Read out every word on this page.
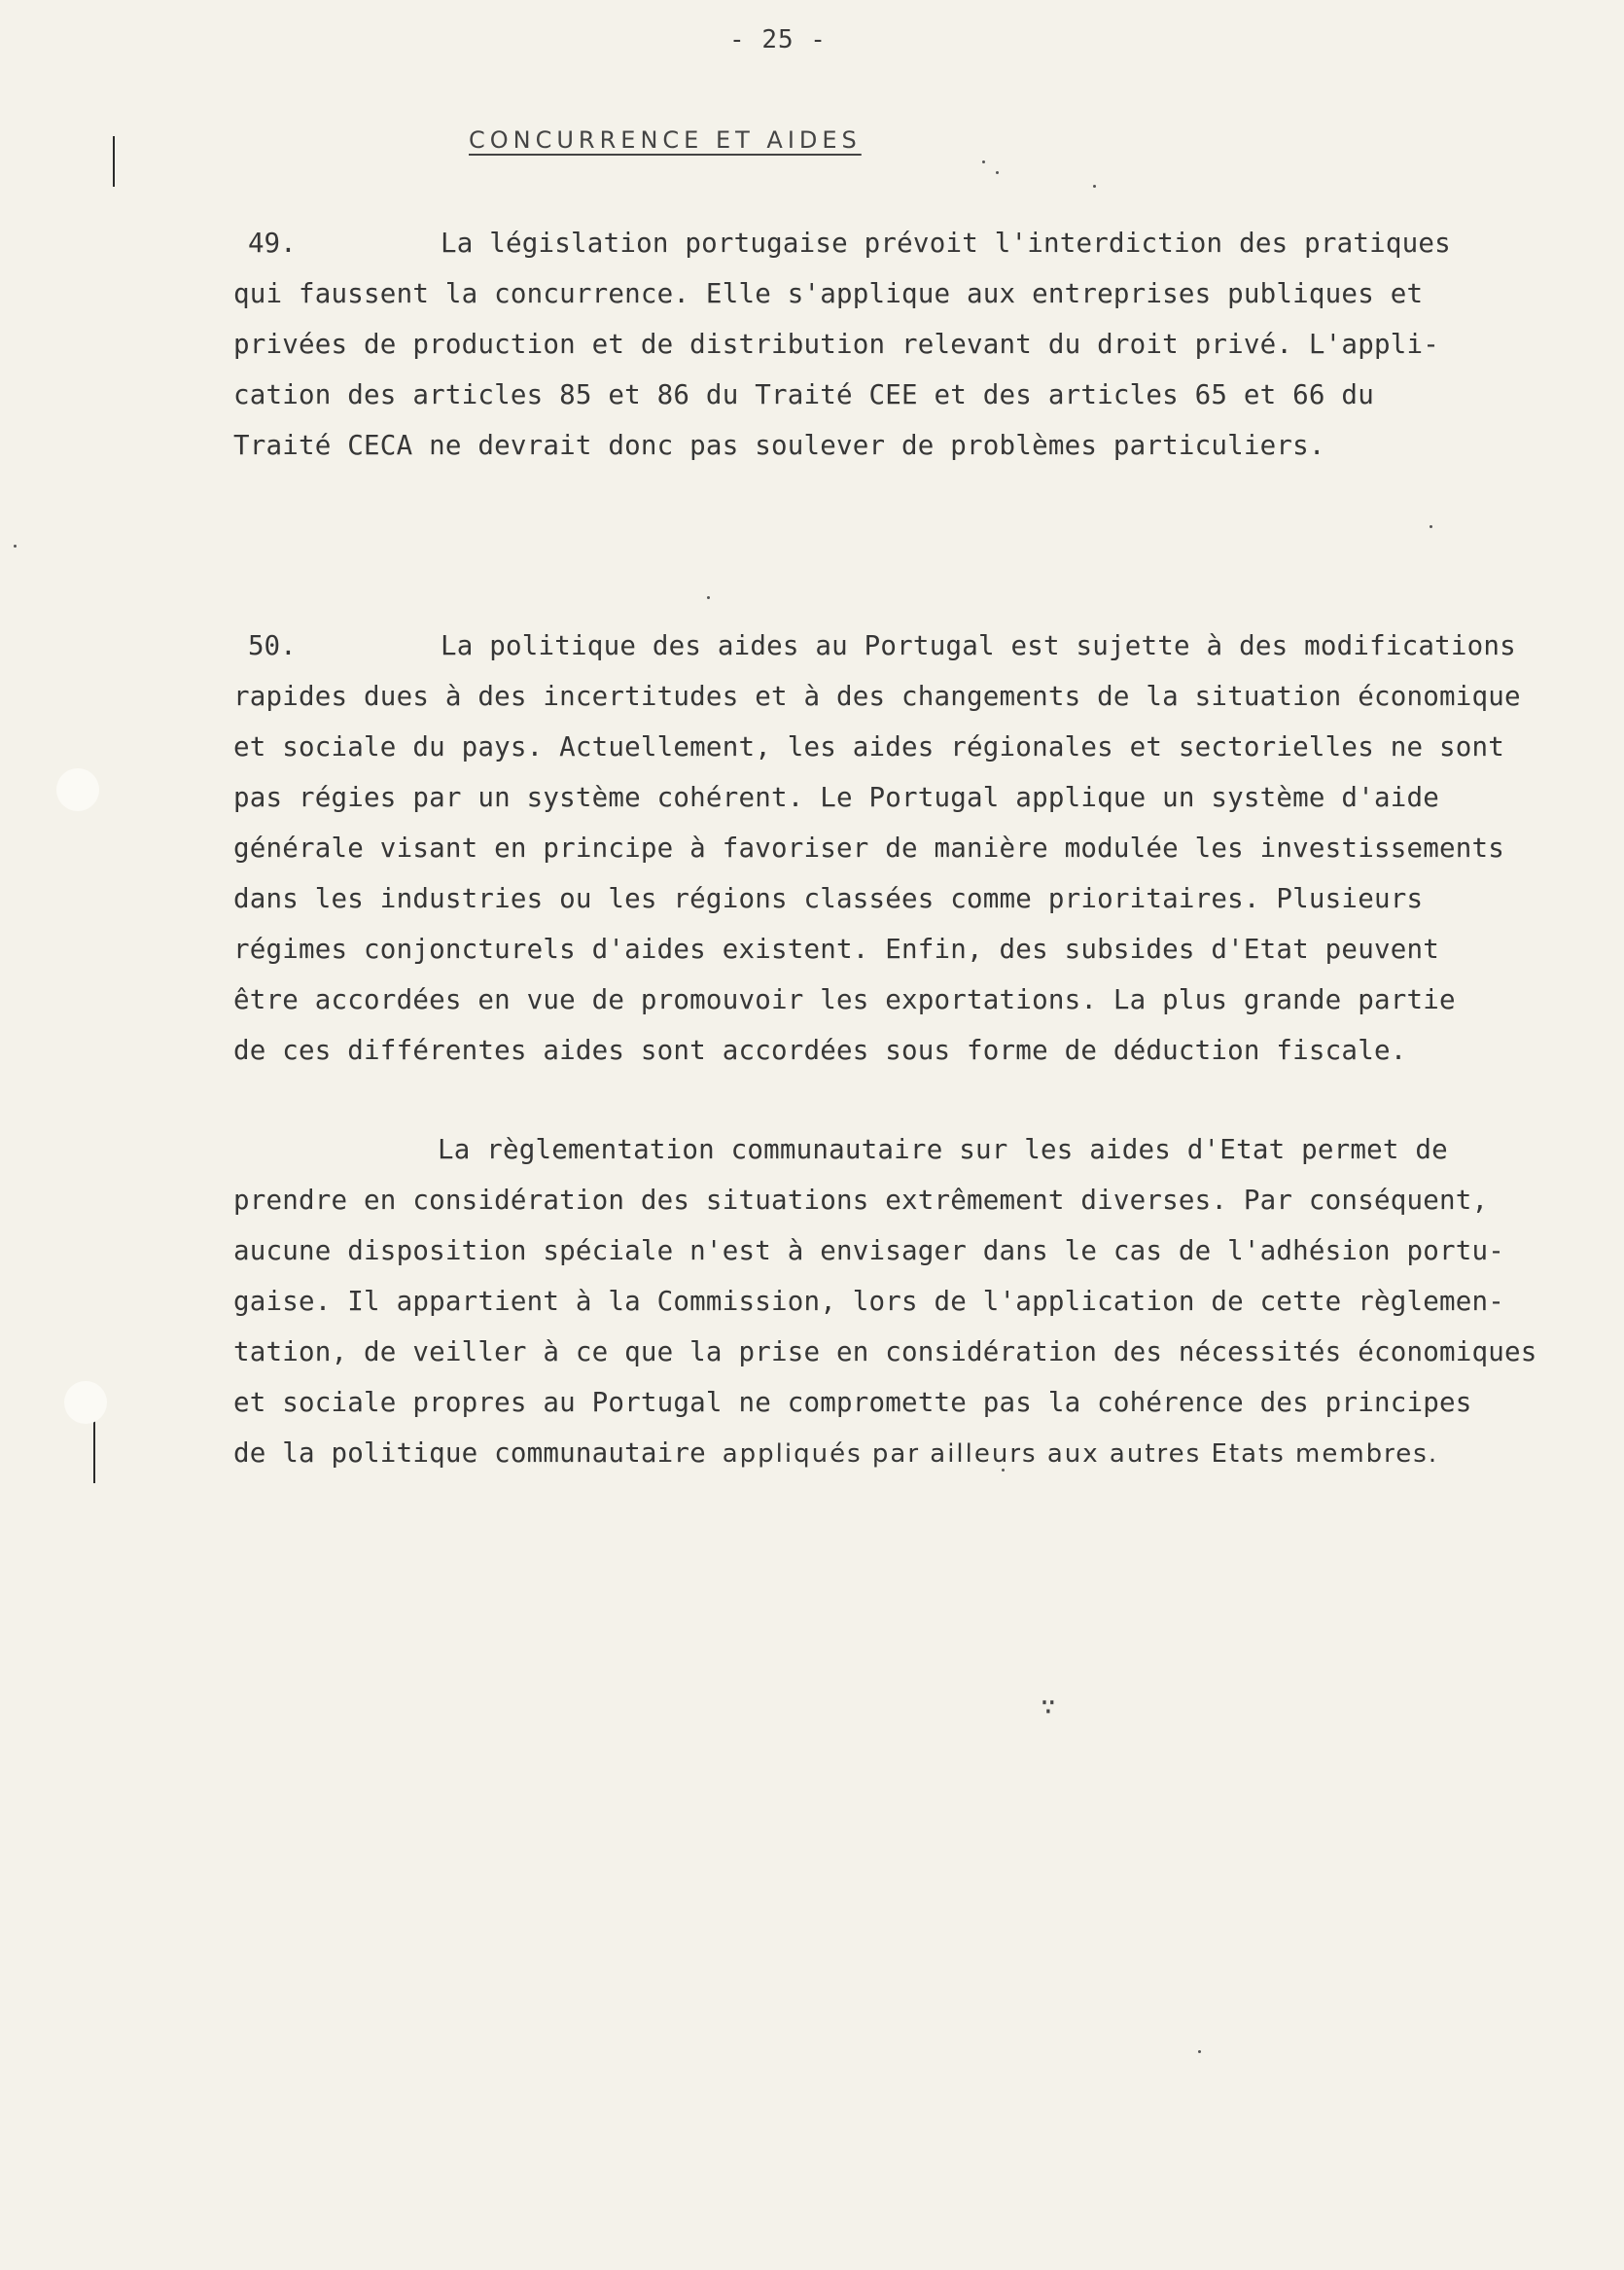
- 25 -
CONCURRENCE ET AIDES
49.	La législation portugaise prévoit l'interdiction des pratiques
qui faussent la concurrence. Elle s'applique aux entreprises publiques et
privées de production et de distribution relevant du droit privé. L'appli-
cation des articles 85 et 86 du Traité CEE et des articles 65 et 66 du
Traité CECA ne devrait donc pas soulever de problèmes particuliers.
50.	La politique des aides au Portugal est sujette à des modifications
rapides dues à des incertitudes et à des changements de la situation économique
et sociale du pays. Actuellement, les aides régionales et sectorielles ne sont
pas régies par un système cohérent. Le Portugal applique un système d'aide
générale visant en principe à favoriser de manière modulée les investissements
dans les industries ou les régions classées comme prioritaires. Plusieurs
régimes conjoncturels d'aides existent. Enfin, des subsides d'Etat peuvent
être accordées en vue de promouvoir les exportations. La plus grande partie
de ces différentes aides sont accordées sous forme de déduction fiscale.
La règlementation communautaire sur les aides d'Etat permet de
prendre en considération des situations extrêmement diverses. Par conséquent,
aucune disposition spéciale n'est à envisager dans le cas de l'adhésion portu-
gaise. Il appartient à la Commission, lors de l'application de cette règlemen-
tation, de veiller à ce que la prise en considération des nécessités économiques
et sociale propres au Portugal ne compromette pas la cohérence des principes
de la politique communautaire appliqués par ailleurs aux autres Etats membres.
∵
